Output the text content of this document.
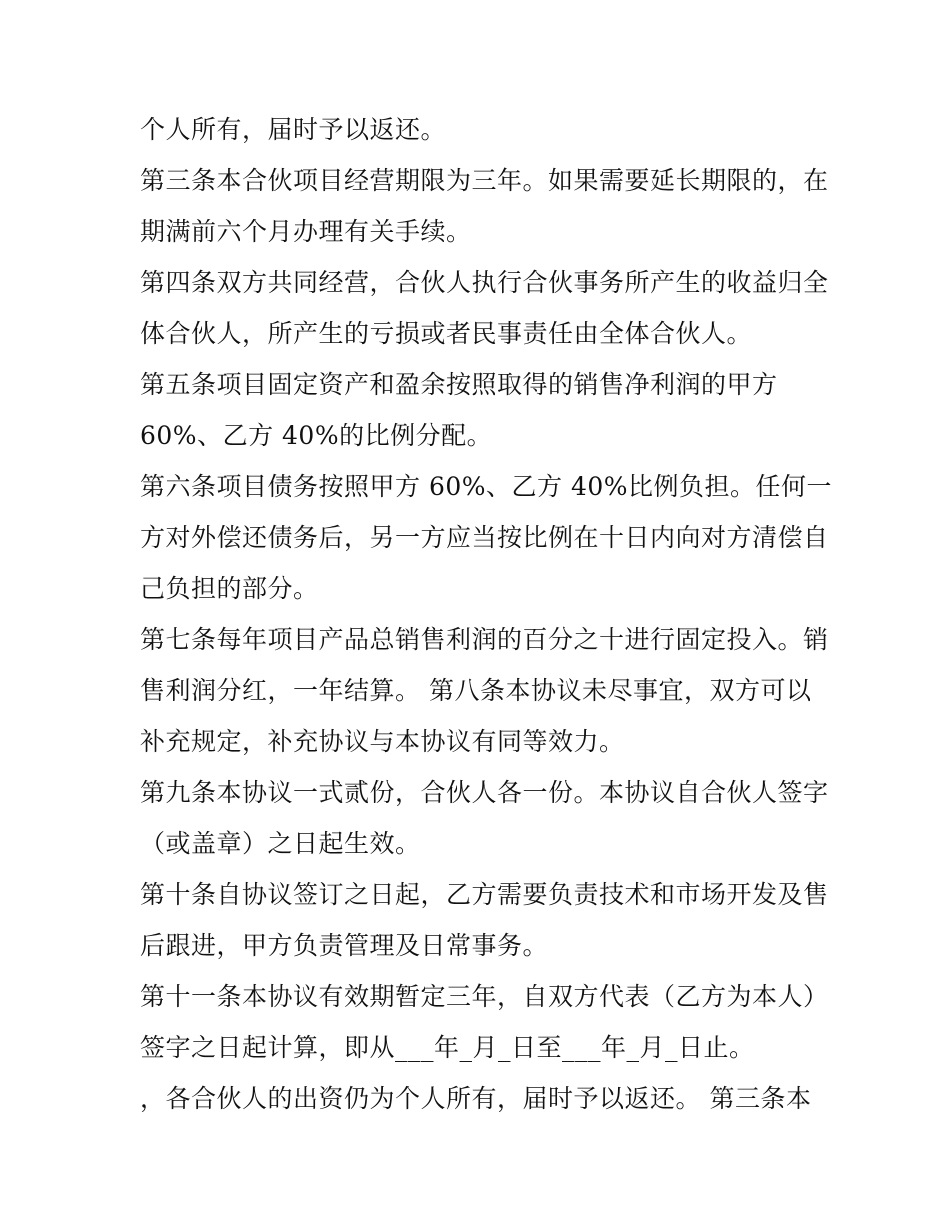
个人所有，届时予以返还。
第三条本合伙项目经营期限为三年。如果需要延长期限的，在
期满前六个月办理有关手续。
第四条双方共同经营，合伙人执行合伙事务所产生的收益归全
体合伙人，所产生的亏损或者民事责任由全体合伙人。
第五条项目固定资产和盈余按照取得的销售净利润的甲方
60%、乙方 40%的比例分配。
第六条项目债务按照甲方 60%、乙方 40%比例负担。任何一
方对外偿还债务后，另一方应当按比例在十日内向对方清偿自
己负担的部分。
第七条每年项目产品总销售利润的百分之十进行固定投入。销
售利润分红，一年结算。 第八条本协议未尽事宜，双方可以
补充规定，补充协议与本协议有同等效力。
第九条本协议一式贰份，合伙人各一份。本协议自合伙人签字
（或盖章）之日起生效。
第十条自协议签订之日起，乙方需要负责技术和市场开发及售
后跟进，甲方负责管理及日常事务。
第十一条本协议有效期暂定三年，自双方代表（乙方为本人）
签字之日起计算，即从___年_月_日至___年_月_日止。
，各合伙人的出资仍为个人所有，届时予以返还。 第三条本
